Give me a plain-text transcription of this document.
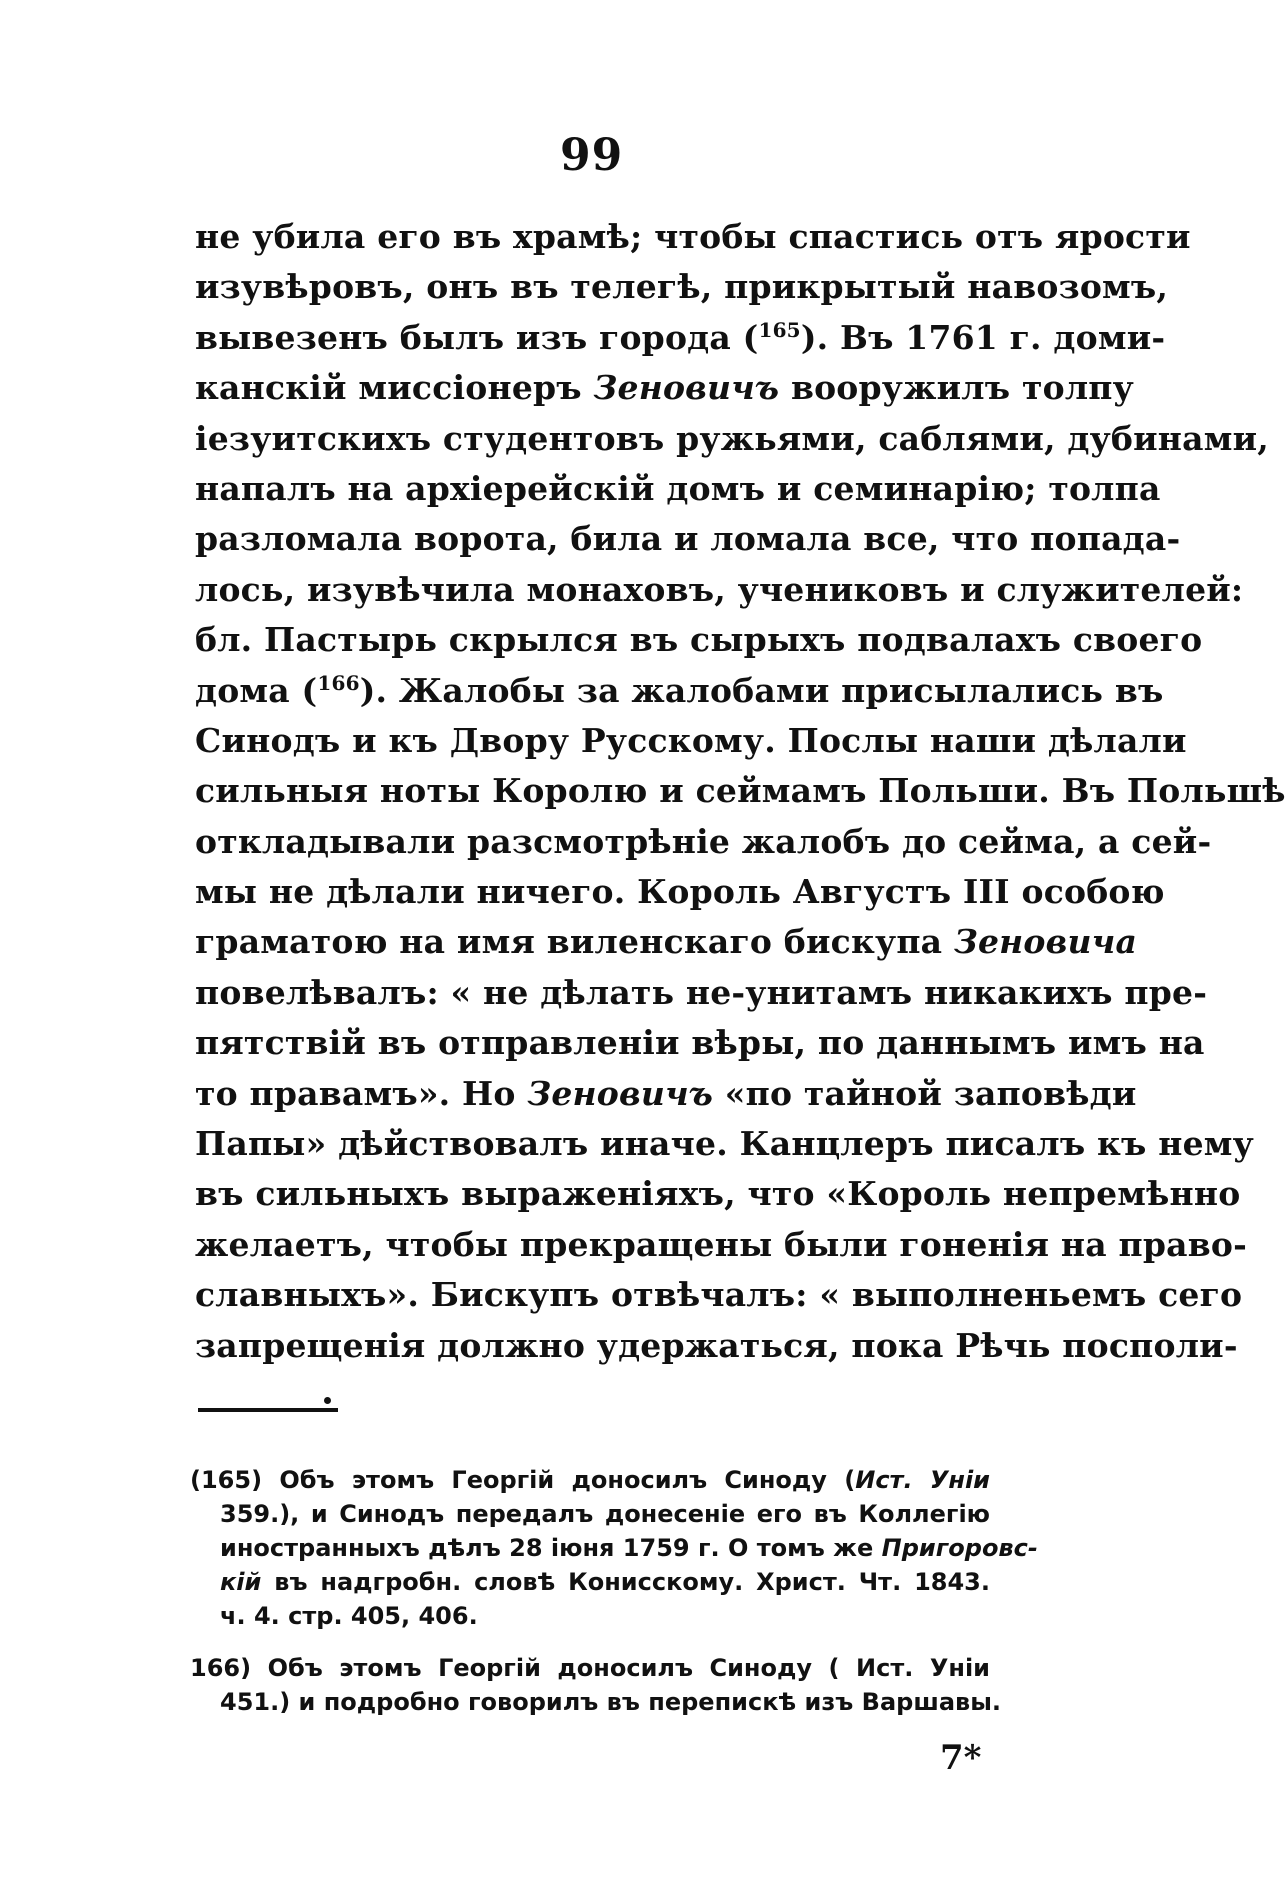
99
не убила его въ храмѣ; чтобы спастись отъ ярости
изувѣровъ, онъ въ телегѣ, прикрытый навозомъ,
вывезенъ былъ изъ города ($^{165}$). Въ 1761 г. доми-
канскій миссіонеръ Зеновичъ вооружилъ толпу
іезуитскихъ студентовъ ружьями, саблями, дубинами,
напалъ на архіерейскій домъ и семинарію; толпа
разломала ворота, била и ломала все, что попада-
лось, изувѣчила монаховъ, учениковъ и служителей:
бл. Пастырь скрылся въ сырыхъ подвалахъ своего
дома ($^{166}$). Жалобы за жалобами присылались въ
Синодъ и къ Двору Русскому. Послы наши дѣлали
сильныя ноты Королю и сеймамъ Польши. Въ Польшѣ
откладывали разсмотрѣніе жалобъ до сейма, а сей-
мы не дѣлали ничего. Король Августъ III особою
граматою на имя виленскаго бискупа Зеновича
повелѣвалъ: « не дѣлать не-унитамъ никакихъ пре-
пятствій въ отправленіи вѣры, по даннымъ имъ на
то правамъ». Но Зеновичъ «по тайной заповѣди
Папы» дѣйствовалъ иначе. Канцлеръ писалъ къ нему
въ сильныхъ выраженіяхъ, что «Король непремѣнно
желаетъ, чтобы прекращены были гоненія на право-
славныхъ». Бискупъ отвѣчалъ: « выполненьемъ сего
запрещенія должно удержаться, пока Рѣчь посполи-
(165) Объ этомъ Георгій доносилъ Синоду (Ист. Уніи
359.), и Синодъ передалъ донесеніе его въ Коллегію
иностранныхъ дѣлъ 28 іюня 1759 г. О томъ же Пригоровс-
кій въ надгробн. словѣ Конисскому. Христ. Чт. 1843.
ч. 4. стр. 405, 406.
166) Объ этомъ Георгій доносилъ Синоду ( Ист. Уніи
451.) и подробно говорилъ въ перепискѣ изъ Варшавы.
7*
